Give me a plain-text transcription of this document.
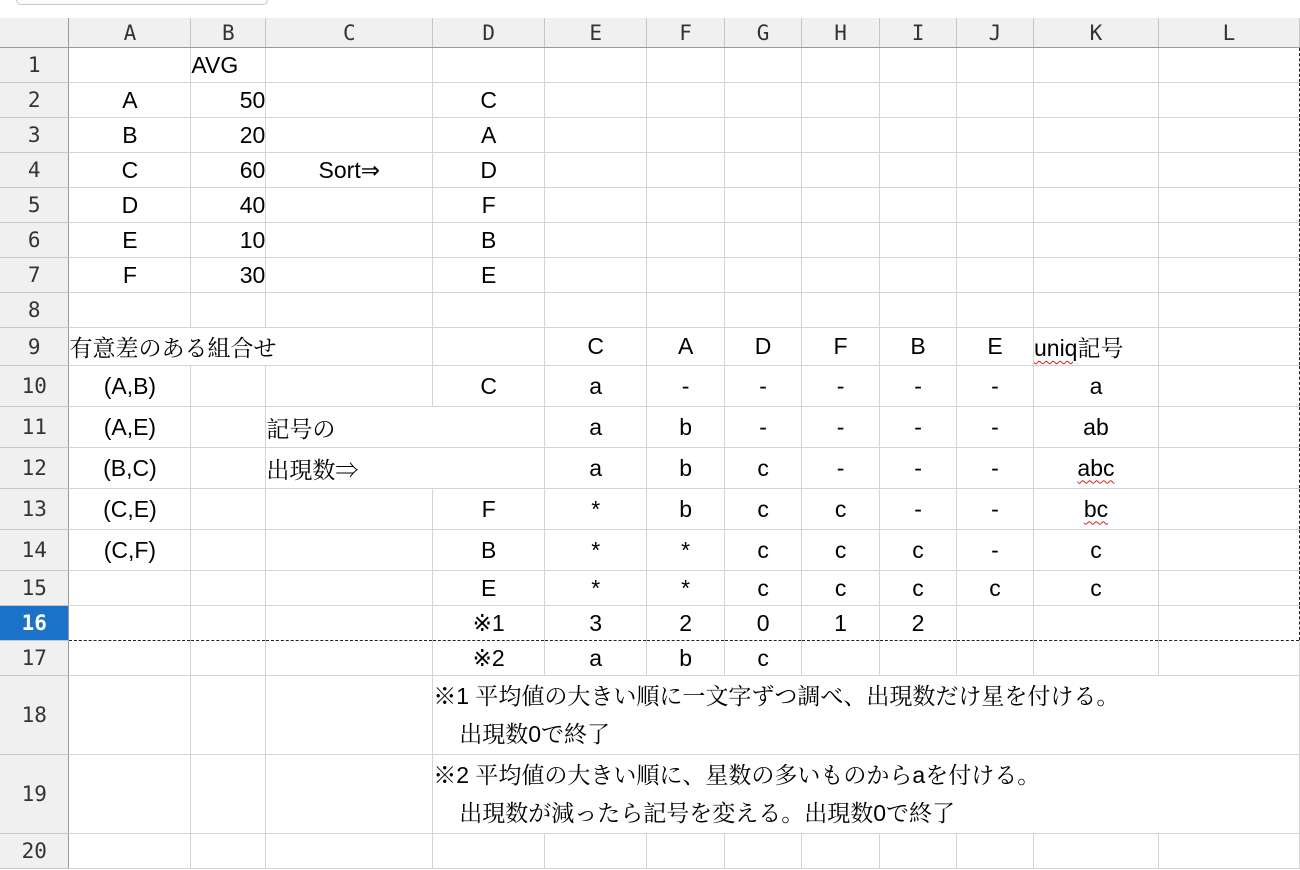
	A	B	C	D	E	F	G	H	I	J	K	L
1		AVG										
2	A	50		C								
3	B	20		A								
4	C	60	Sort⇒	D								
5	D	40		F								
6	E	10		B								
7	F	30		E								
8												
9	有意差のある組合せ				C	A	D	F	B	E	uniq記号	
10	(A,B)			C	a	-	-	-	-	-	a	
11	(A,E)		記号の		a	b	-	-	-	-	ab	
12	(B,C)		出現数⇒		a	b	c	-	-	-	abc	
13	(C,E)			F	*	b	c	c	-	-	bc	
14	(C,F)			B	*	*	c	c	c	-	c	
15				E	*	*	c	c	c	c	c	
16				※1	3	2	0	1	2			
17				※2	a	b	c					
18				※1 平均値の大きい順に一文字ずつ調べ、出現数だけ星を付ける。
出現数0で終了								

19				※2 平均値の大きい順に、星数の多いものからaを付ける。
出現数が減ったら記号を変える。出現数0で終了								

20												
